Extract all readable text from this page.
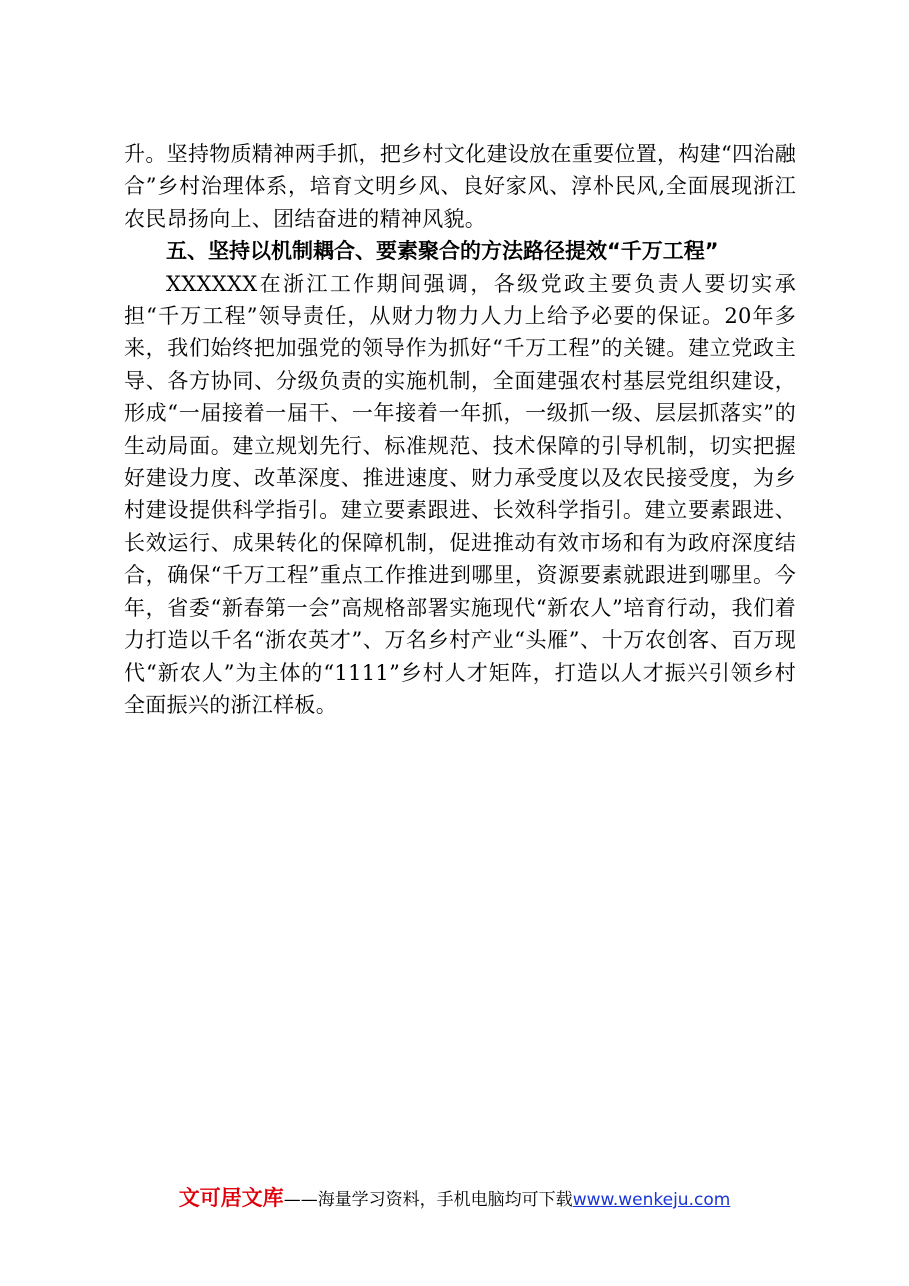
升。坚持物质精神两手抓，把乡村文化建设放在重要位置，构建“四治融合”乡村治理体系，培育文明乡风、良好家风、淳朴民风,全面展现浙江农民昂扬向上、团结奋进的精神风貌。

五、坚持以机制耦合、要素聚合的方法路径提效“千万工程”

XXXXXX在浙江工作期间强调，各级党政主要负责人要切实承担“千万工程”领导责任，从财力物力人力上给予必要的保证。20年多来，我们始终把加强党的领导作为抓好“千万工程”的关键。建立党政主导、各方协同、分级负责的实施机制，全面建强农村基层党组织建设，形成“一届接着一届干、一年接着一年抓，一级抓一级、层层抓落实”的生动局面。建立规划先行、标准规范、技术保障的引导机制，切实把握好建设力度、改革深度、推进速度、财力承受度以及农民接受度，为乡村建设提供科学指引。建立要素跟进、长效科学指引。建立要素跟进、长效运行、成果转化的保障机制，促进推动有效市场和有为政府深度结合，确保“千万工程”重点工作推进到哪里，资源要素就跟进到哪里。今年，省委“新春第一会”高规格部署实施现代“新农人”培育行动，我们着力打造以千名“浙农英才”、万名乡村产业“头雁”、十万农创客、百万现代“新农人”为主体的“1111”乡村人才矩阵，打造以人才振兴引领乡村全面振兴的浙江样板。

文可居文库——海量学习资料，手机电脑均可下载www.wenkeju.com
